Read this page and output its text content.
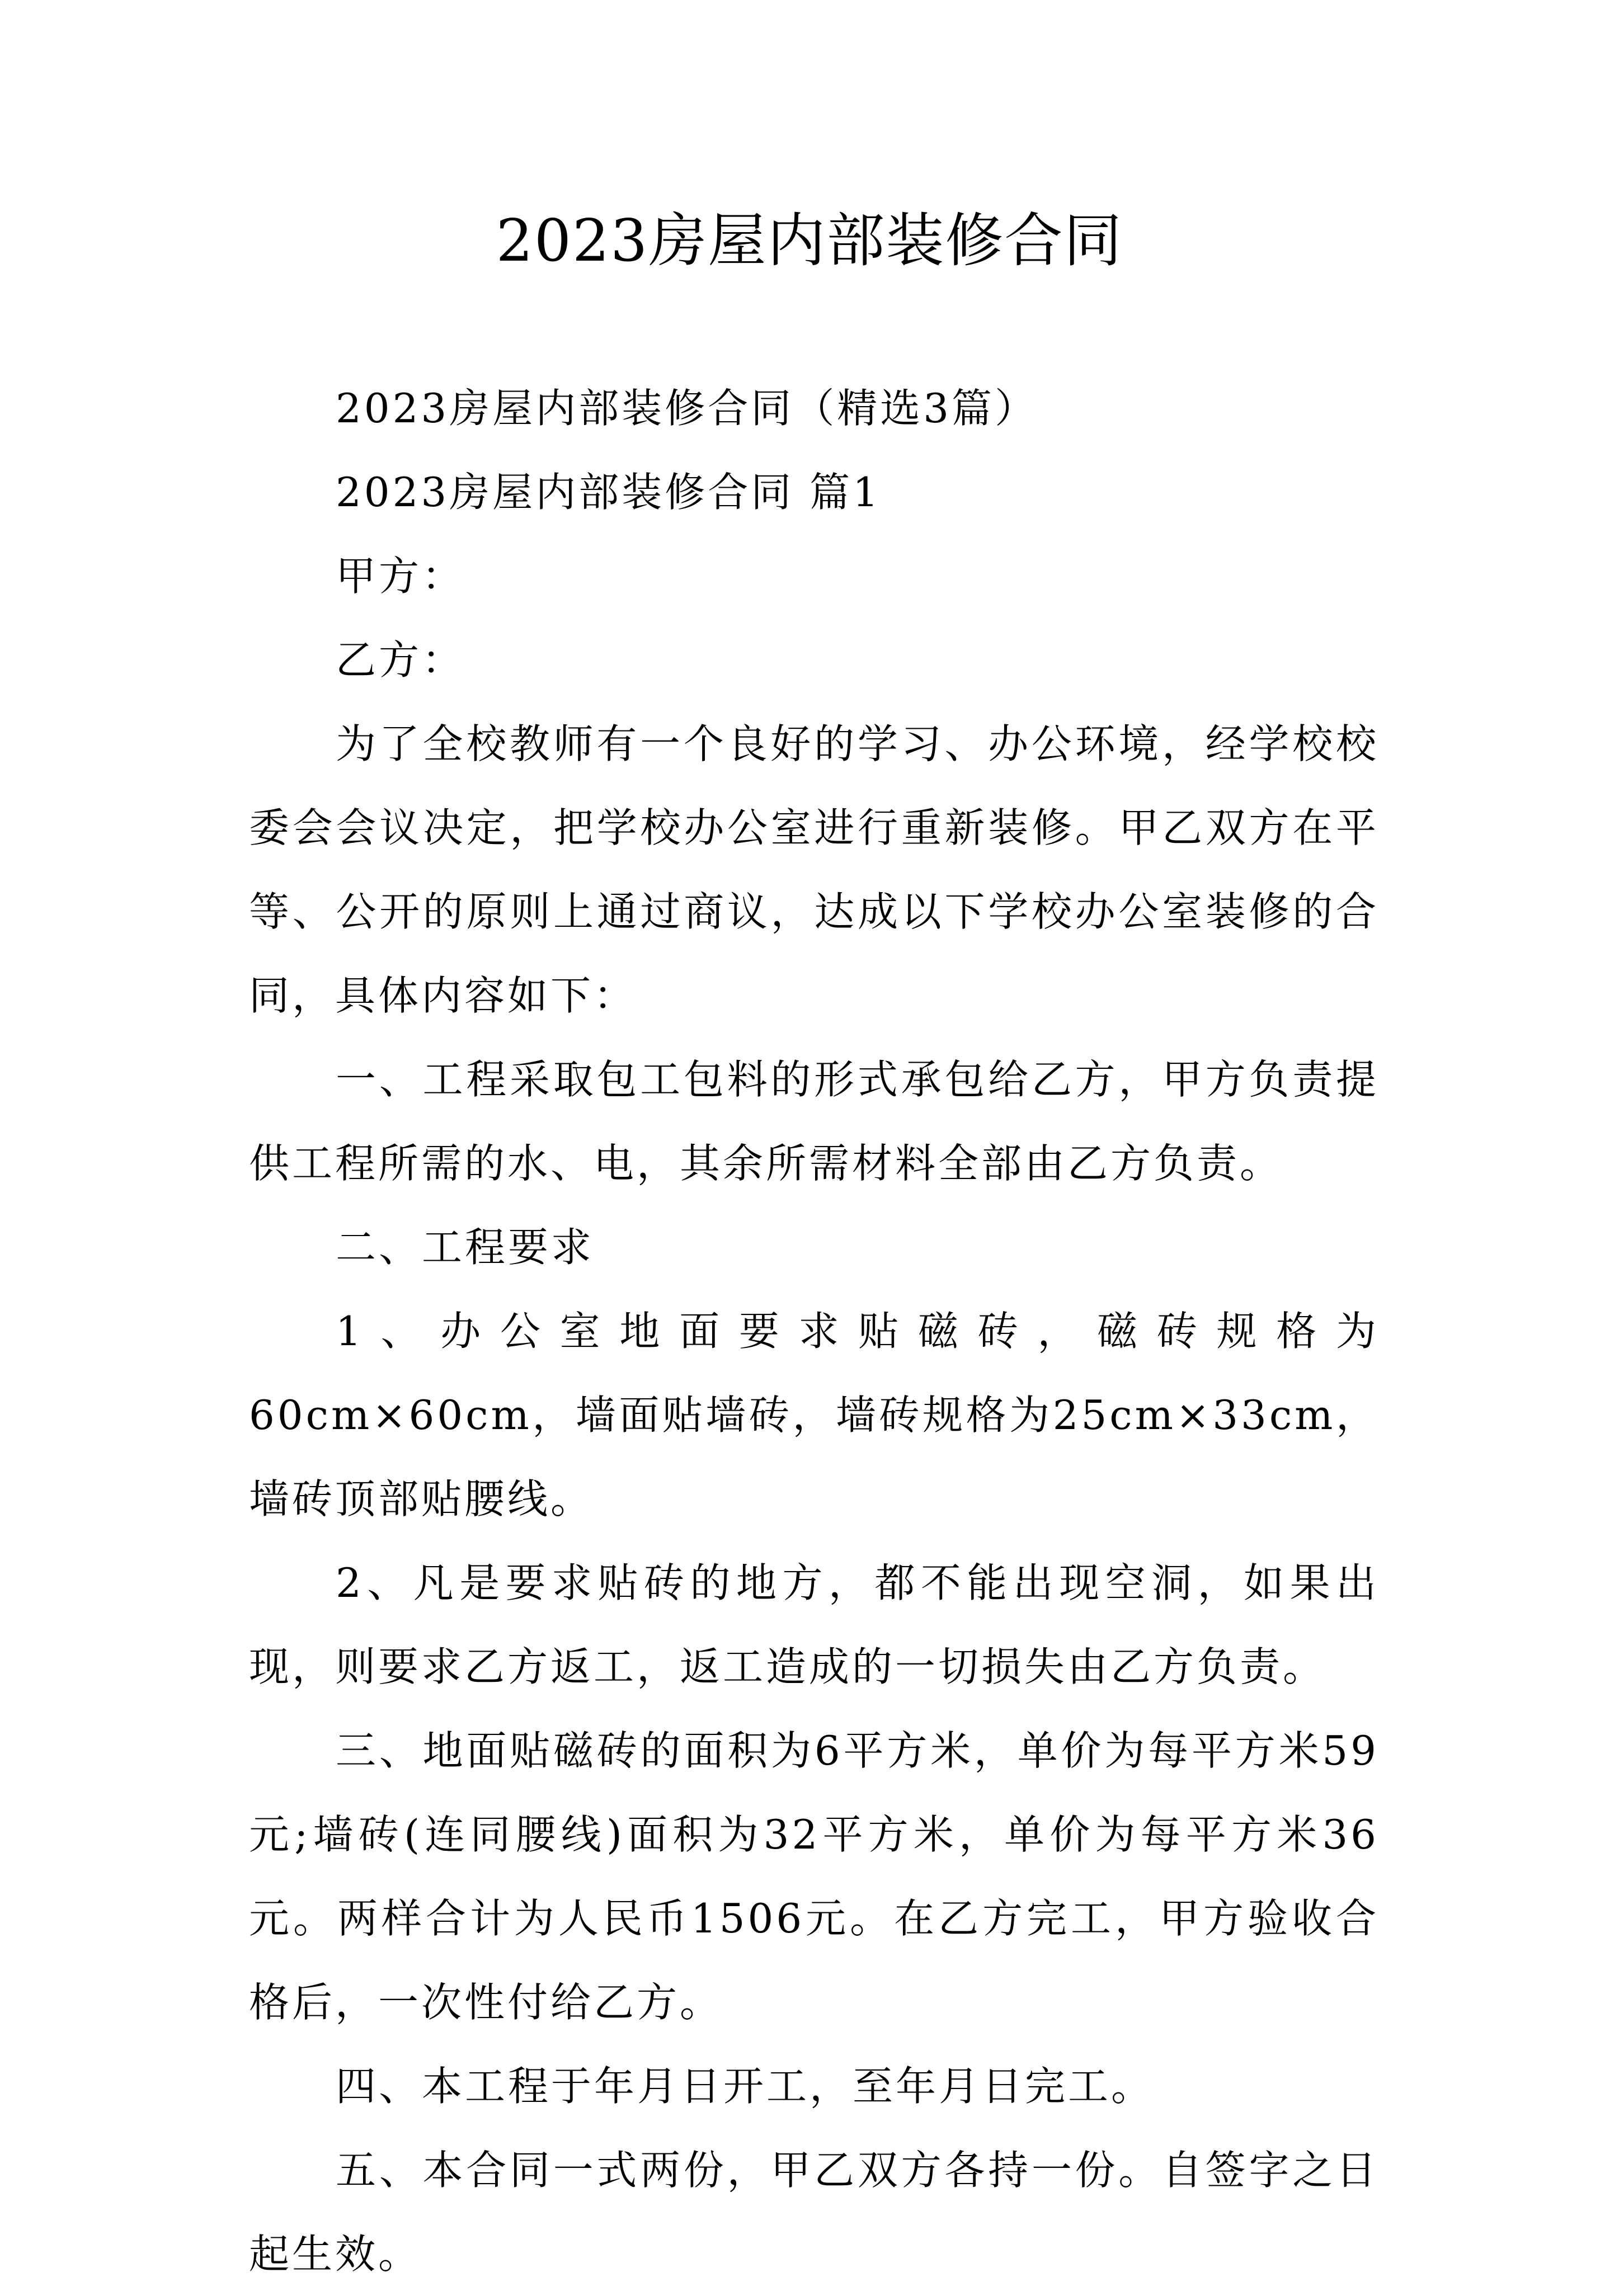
2023房屋内部装修合同

2023房屋内部装修合同（精选3篇）

2023房屋内部装修合同 篇1

甲方：

乙方：

为了全校教师有一个良好的学习、办公环境，经学校校委会会议决定，把学校办公室进行重新装修。甲乙双方在平等、公开的原则上通过商议，达成以下学校办公室装修的合同，具体内容如下：

一、工程采取包工包料的形式承包给乙方，甲方负责提供工程所需的水、电，其余所需材料全部由乙方负责。

二、工程要求

1、办公室地面要求贴磁砖，磁砖规格为60cm×60cm，墙面贴墙砖，墙砖规格为25cm×33cm，墙砖顶部贴腰线。

2、凡是要求贴砖的地方，都不能出现空洞，如果出现，则要求乙方返工，返工造成的一切损失由乙方负责。

三、地面贴磁砖的面积为6平方米，单价为每平方米59元;墙砖(连同腰线)面积为32平方米，单价为每平方米36元。两样合计为人民币1506元。在乙方完工，甲方验收合格后，一次性付给乙方。

四、本工程于年月日开工，至年月日完工。

五、本合同一式两份，甲乙双方各持一份。自签字之日起生效。
